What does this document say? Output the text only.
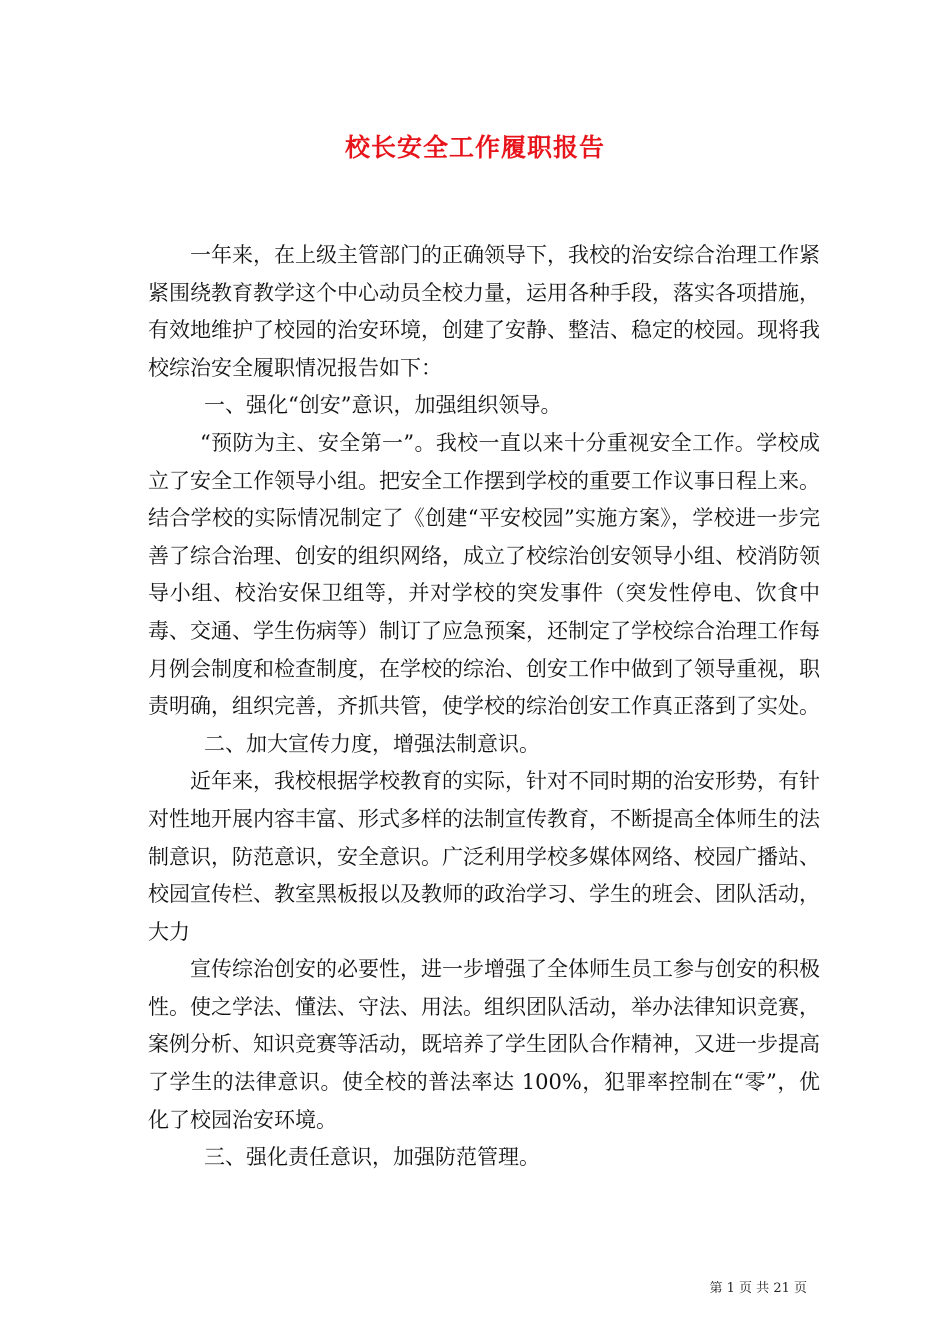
校长安全工作履职报告

一年来，在上级主管部门的正确领导下，我校的治安综合治理工作紧紧围绕教育教学这个中心动员全校力量，运用各种手段，落实各项措施，有效地维护了校园的治安环境，创建了安静、整洁、稳定的校园。现将我校综治安全履职情况报告如下：

一、强化“创安”意识，加强组织领导。

“预防为主、安全第一”。我校一直以来十分重视安全工作。学校成立了安全工作领导小组。把安全工作摆到学校的重要工作议事日程上来。结合学校的实际情况制定了《创建“平安校园”实施方案》，学校进一步完善了综合治理、创安的组织网络，成立了校综治创安领导小组、校消防领导小组、校治安保卫组等，并对学校的突发事件（突发性停电、饮食中毒、交通、学生伤病等）制订了应急预案，还制定了学校综合治理工作每月例会制度和检查制度，在学校的综治、创安工作中做到了领导重视，职责明确，组织完善，齐抓共管，使学校的综治创安工作真正落到了实处。

二、加大宣传力度，增强法制意识。

近年来，我校根据学校教育的实际，针对不同时期的治安形势，有针对性地开展内容丰富、形式多样的法制宣传教育，不断提高全体师生的法制意识，防范意识，安全意识。广泛利用学校多媒体网络、校园广播站、校园宣传栏、教室黑板报以及教师的政治学习、学生的班会、团队活动，大力

宣传综治创安的必要性，进一步增强了全体师生员工参与创安的积极性。使之学法、懂法、守法、用法。组织团队活动，举办法律知识竞赛，案例分析、知识竞赛等活动，既培养了学生团队合作精神，又进一步提高了学生的法律意识。使全校的普法率达 100%，犯罪率控制在“零”，优化了校园治安环境。

三、强化责任意识，加强防范管理。

第 1 页 共 21 页
